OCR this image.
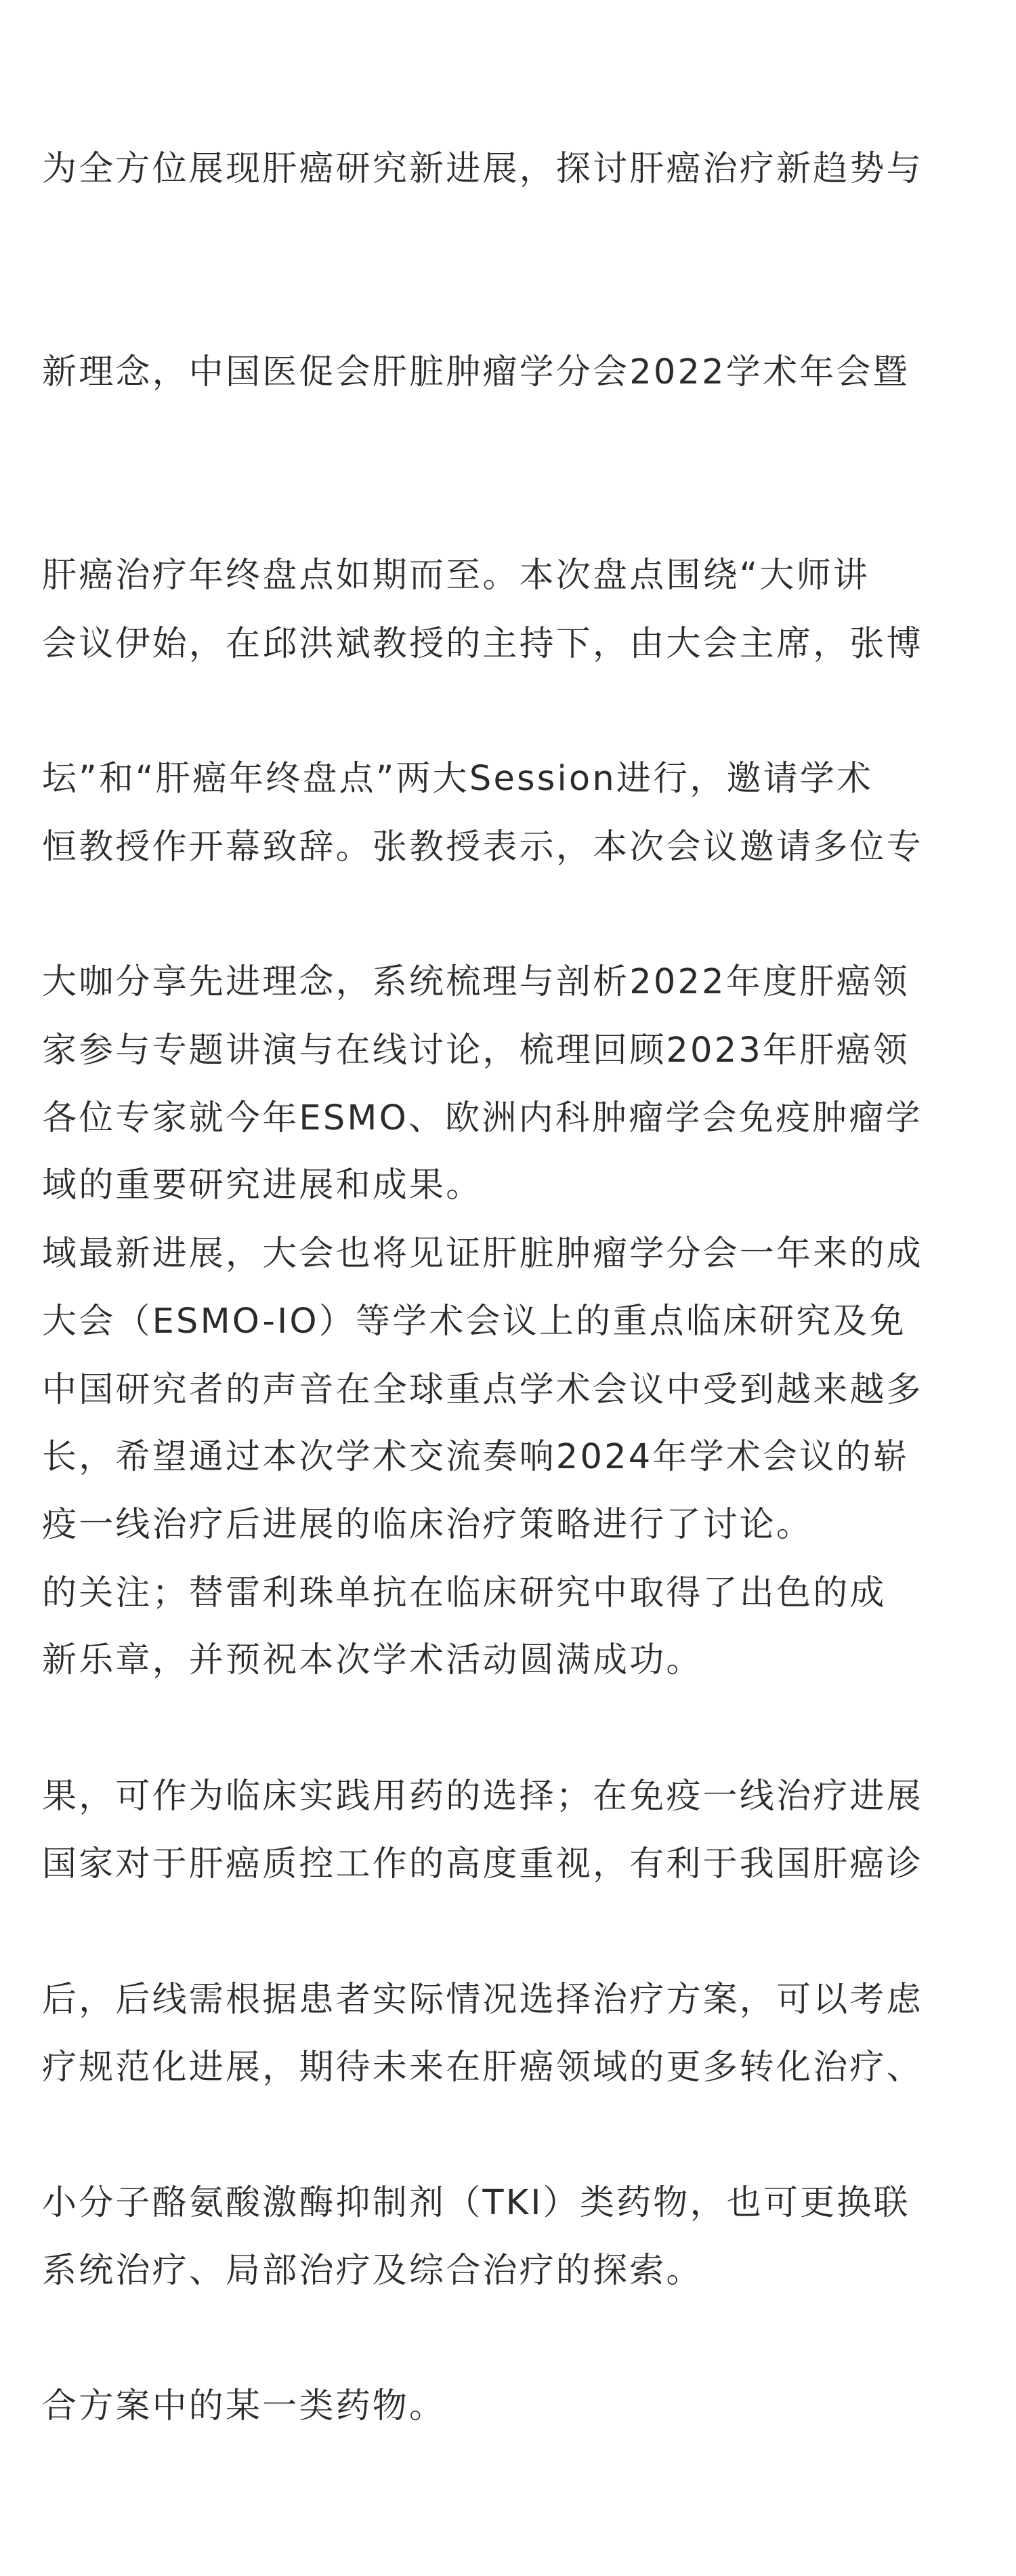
为全方位展现肝癌研究新进展，探讨肝癌治疗新趋势与

新理念，中国医促会肝脏肿瘤学分会2022学术年会暨

肝癌治疗年终盘点如期而至。本次盘点围绕“大师讲

坛”和“肝癌年终盘点”两大Session进行，邀请学术

大咖分享先进理念，系统梳理与剖析2022年度肝癌领

域的重要研究进展和成果。

会议伊始，在邱洪斌教授的主持下，由大会主席，张博

恒教授作开幕致辞。张教授表示，本次会议邀请多位专

家参与专题讲演与在线讨论，梳理回顾2023年肝癌领

域最新进展，大会也将见证肝脏肿瘤学分会一年来的成

长，希望通过本次学术交流奏响2024年学术会议的崭

新乐章，并预祝本次学术活动圆满成功。

各位专家就今年ESMO、欧洲内科肿瘤学会免疫肿瘤学

大会（ESMO-IO）等学术会议上的重点临床研究及免

疫一线治疗后进展的临床治疗策略进行了讨论。

中国研究者的声音在全球重点学术会议中受到越来越多

的关注；替雷利珠单抗在临床研究中取得了出色的成

果，可作为临床实践用药的选择；在免疫一线治疗进展

后，后线需根据患者实际情况选择治疗方案，可以考虑

小分子酪氨酸激酶抑制剂（TKI）类药物，也可更换联

合方案中的某一类药物。

国家对于肝癌质控工作的高度重视，有利于我国肝癌诊

疗规范化进展，期待未来在肝癌领域的更多转化治疗、

系统治疗、局部治疗及综合治疗的探索。
